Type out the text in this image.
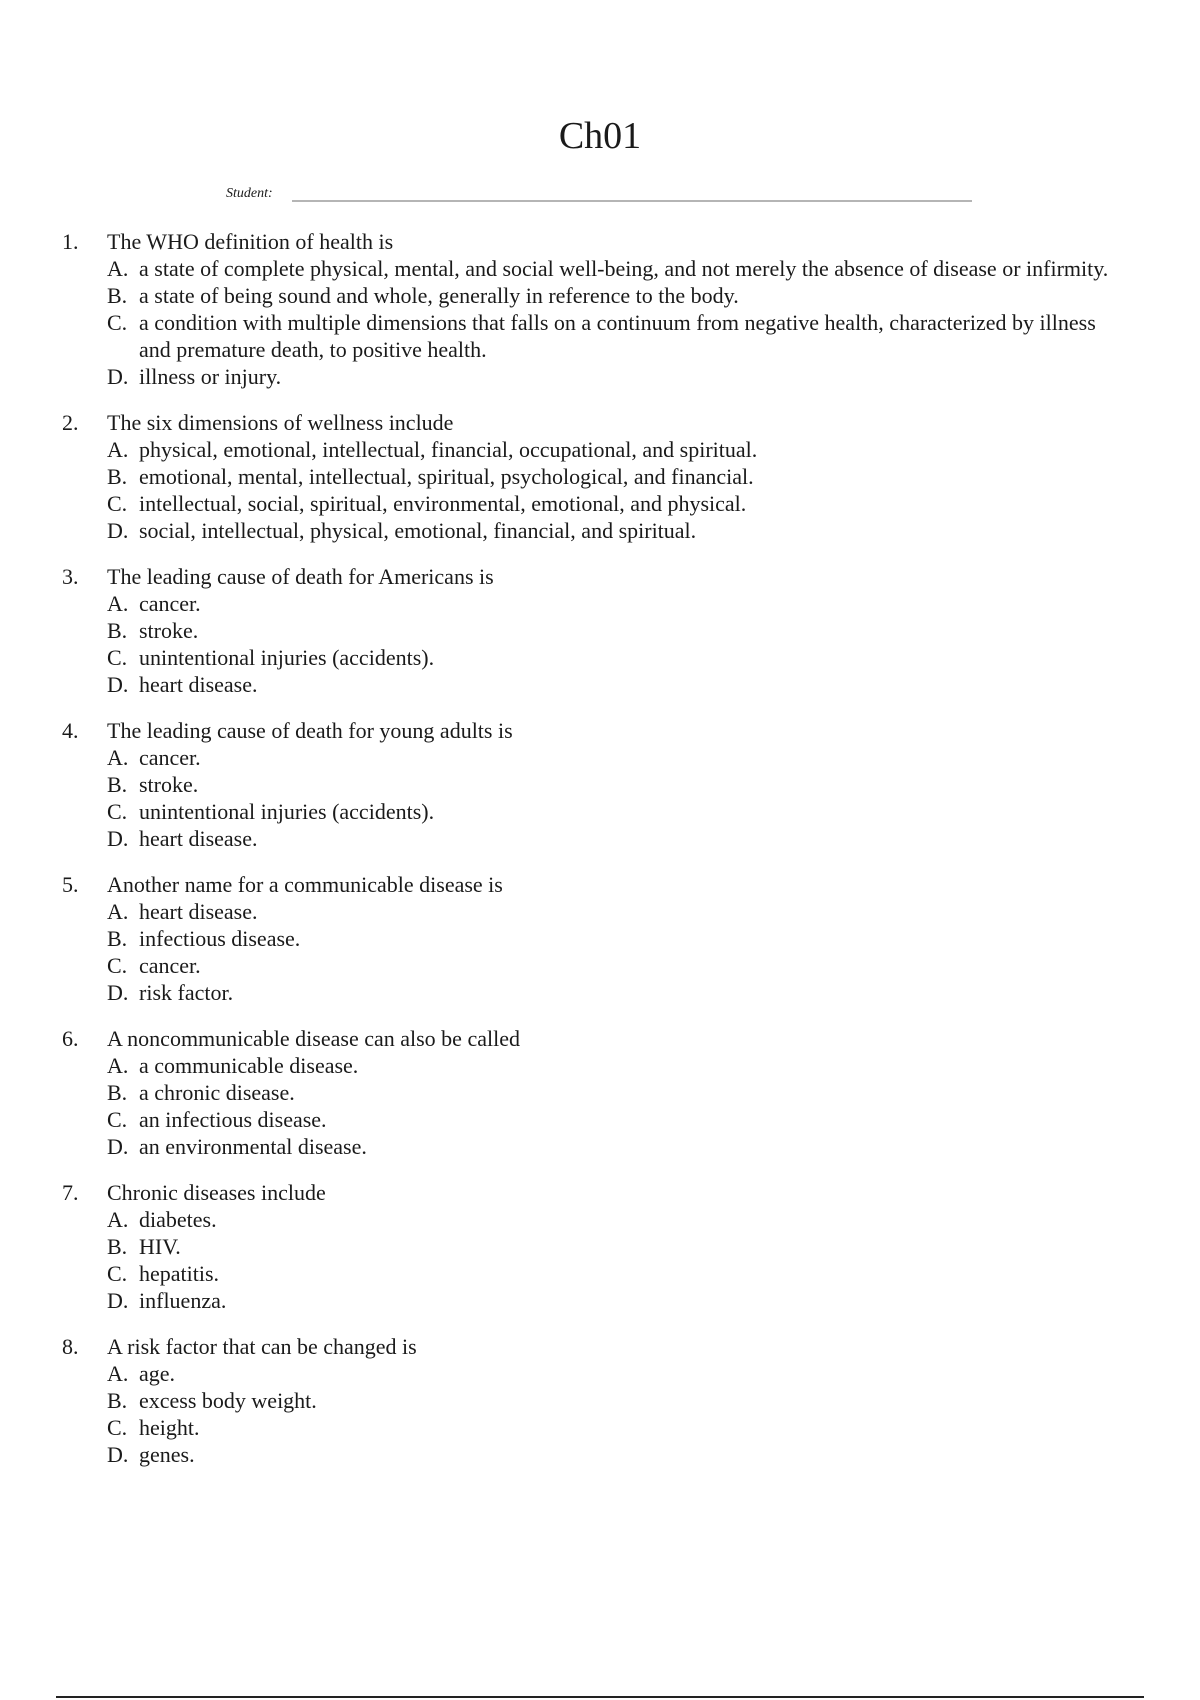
Ch01
Student:
1. The WHO definition of health is
A. a state of complete physical, mental, and social well-being, and not merely the absence of disease or infirmity.
B. a state of being sound and whole, generally in reference to the body.
C. a condition with multiple dimensions that falls on a continuum from negative health, characterized by illness and premature death, to positive health.
D. illness or injury.
2. The six dimensions of wellness include
A. physical, emotional, intellectual, financial, occupational, and spiritual.
B. emotional, mental, intellectual, spiritual, psychological, and financial.
C. intellectual, social, spiritual, environmental, emotional, and physical.
D. social, intellectual, physical, emotional, financial, and spiritual.
3. The leading cause of death for Americans is
A. cancer.
B. stroke.
C. unintentional injuries (accidents).
D. heart disease.
4. The leading cause of death for young adults is
A. cancer.
B. stroke.
C. unintentional injuries (accidents).
D. heart disease.
5. Another name for a communicable disease is
A. heart disease.
B. infectious disease.
C. cancer.
D. risk factor.
6. A noncommunicable disease can also be called
A. a communicable disease.
B. a chronic disease.
C. an infectious disease.
D. an environmental disease.
7. Chronic diseases include
A. diabetes.
B. HIV.
C. hepatitis.
D. influenza.
8. A risk factor that can be changed is
A. age.
B. excess body weight.
C. height.
D. genes.
